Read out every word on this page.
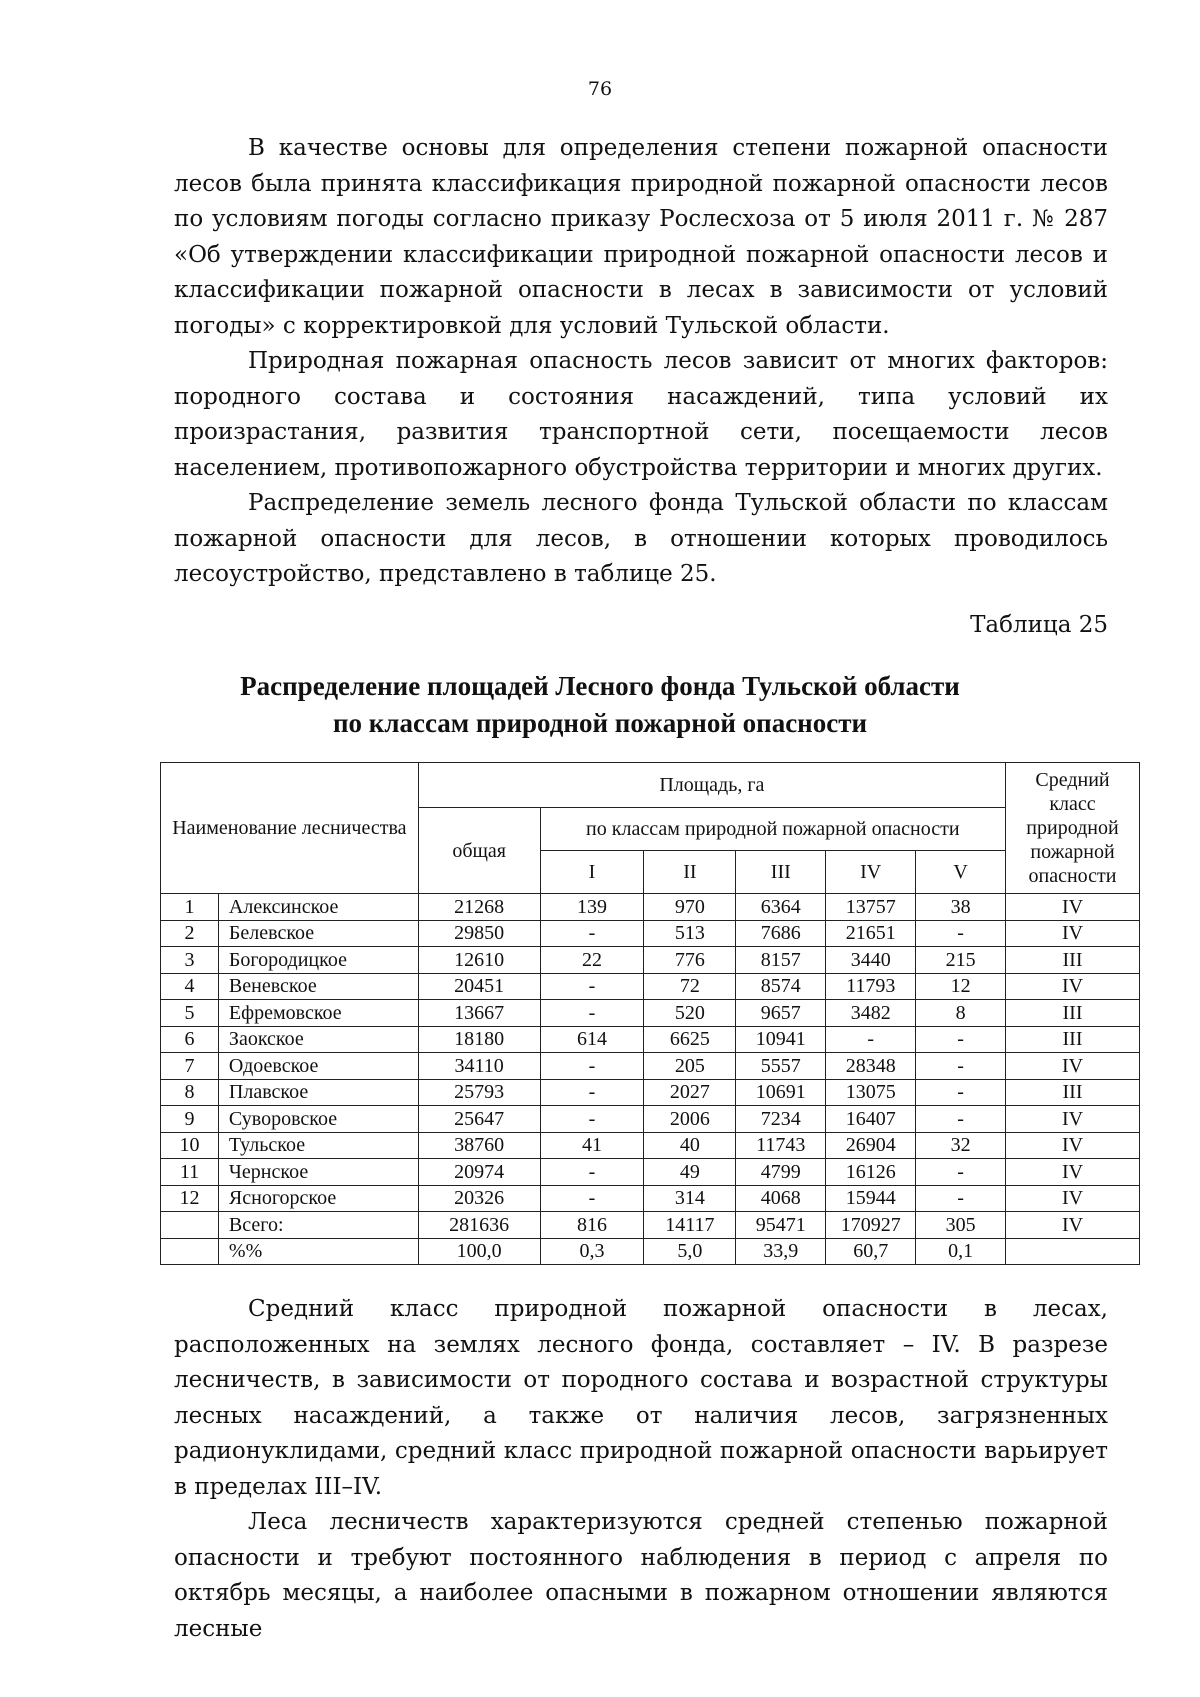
76

В качестве основы для определения степени пожарной опасности лесов была принята классификация природной пожарной опасности лесов по условиям погоды согласно приказу Рослесхоза от 5 июля 2011 г. № 287 «Об утверждении классификации природной пожарной опасности лесов и классификации пожарной опасности в лесах в зависимости от условий погоды» с корректировкой для условий Тульской области.

Природная пожарная опасность лесов зависит от многих факторов: породного состава и состояния насаждений, типа условий их произрастания, развития транспортной сети, посещаемости лесов населением, противопожарного обустройства территории и многих других.

Распределение земель лесного фонда Тульской области по классам пожарной опасности для лесов, в отношении которых проводилось лесоустройство, представлено в таблице 25.

Таблица 25
Распределение площадей Лесного фонда Тульской области
по классам природной пожарной опасности
Наименование лесничества		Площадь, га						Средний класс природной пожарной опасности
		общая	по классам природной пожарной опасности					
			I	II	III	IV	V	
1	Алексинское	21268	139	970	6364	13757	38	IV
2	Белевское	29850	-	513	7686	21651	-	IV
3	Богородицкое	12610	22	776	8157	3440	215	III
4	Веневское	20451	-	72	8574	11793	12	IV
5	Ефремовское	13667	-	520	9657	3482	8	III
6	Заокское	18180	614	6625	10941	-	-	III
7	Одоевское	34110	-	205	5557	28348	-	IV
8	Плавское	25793	-	2027	10691	13075	-	III
9	Суворовское	25647	-	2006	7234	16407	-	IV
10	Тульское	38760	41	40	11743	26904	32	IV
11	Чернское	20974	-	49	4799	16126	-	IV
12	Ясногорское	20326	-	314	4068	15944	-	IV
	Всего:	281636	816	14117	95471	170927	305	IV
	%%	100,0	0,3	5,0	33,9	60,7	0,1	

Средний класс природной пожарной опасности в лесах, расположенных на землях лесного фонда, составляет – IV. В разрезе лесничеств, в зависимости от породного состава и возрастной структуры лесных насаждений, а также от наличия лесов, загрязненных радионуклидами, средний класс природной пожарной опасности варьирует в пределах III–IV.

Леса лесничеств характеризуются средней степенью пожарной опасности и требуют постоянного наблюдения в период с апреля по октябрь месяцы, а наиболее опасными в пожарном отношении являются лесные
